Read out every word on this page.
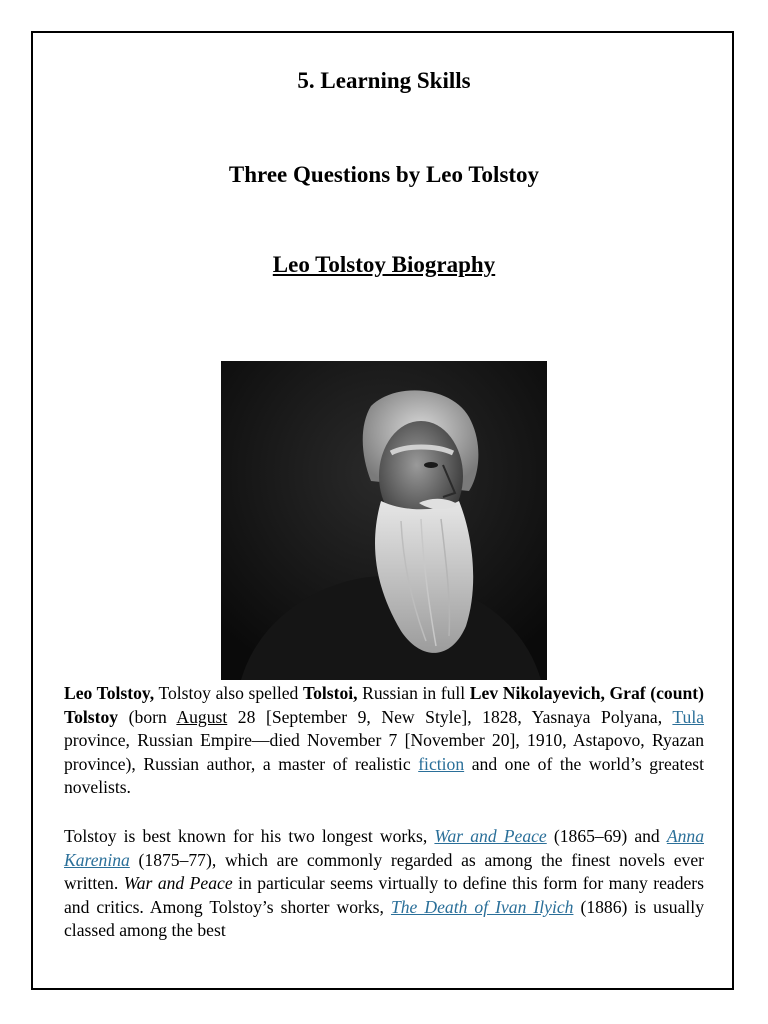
5. Learning Skills
Three Questions by Leo Tolstoy
Leo Tolstoy Biography

Leo Tolstoy, Tolstoy also spelled Tolstoi, Russian in full Lev Nikolayevich, Graf (count) Tolstoy (born August 28 [September 9, New Style], 1828, Yasnaya Polyana, Tula province, Russian Empire—died November 7 [November 20], 1910, Astapovo, Ryazan province), Russian author, a master of realistic fiction and one of the world’s greatest novelists.

Tolstoy is best known for his two longest works, War and Peace (1865–69) and Anna Karenina (1875–77), which are commonly regarded as among the finest novels ever written. War and Peace in particular seems virtually to define this form for many readers and critics. Among Tolstoy’s shorter works, The Death of Ivan Ilyich (1886) is usually classed among the best
